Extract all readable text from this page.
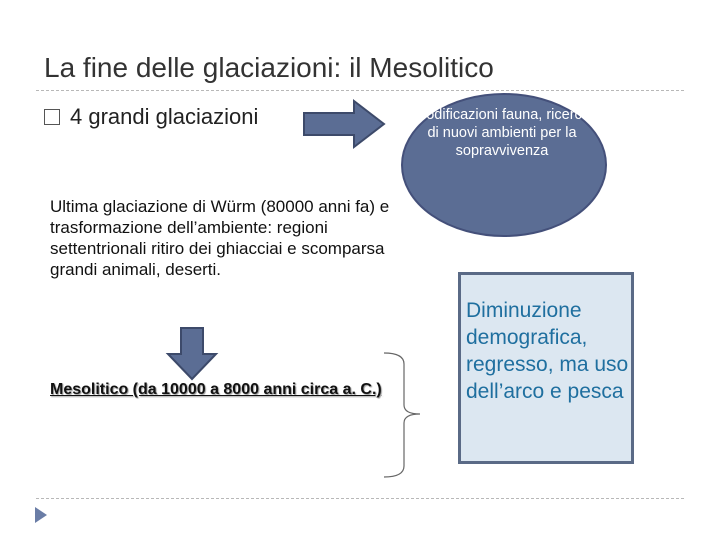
La fine delle glaciazioni: il Mesolitico
4 grandi glaciazioni	Modificazioni fauna, ricerca di nuovi ambienti per la sopravvivenza
Ultima glaciazione di Würm (80000 anni fa) e trasformazione dell’ambiente: regioni settentrionali ritiro dei ghiacciai e scomparsa grandi animali, deserti.
Mesolitico (da 10000 a 8000 anni circa a. C.)
Diminuzione demografica, regresso, ma uso dell’arco e pesca
